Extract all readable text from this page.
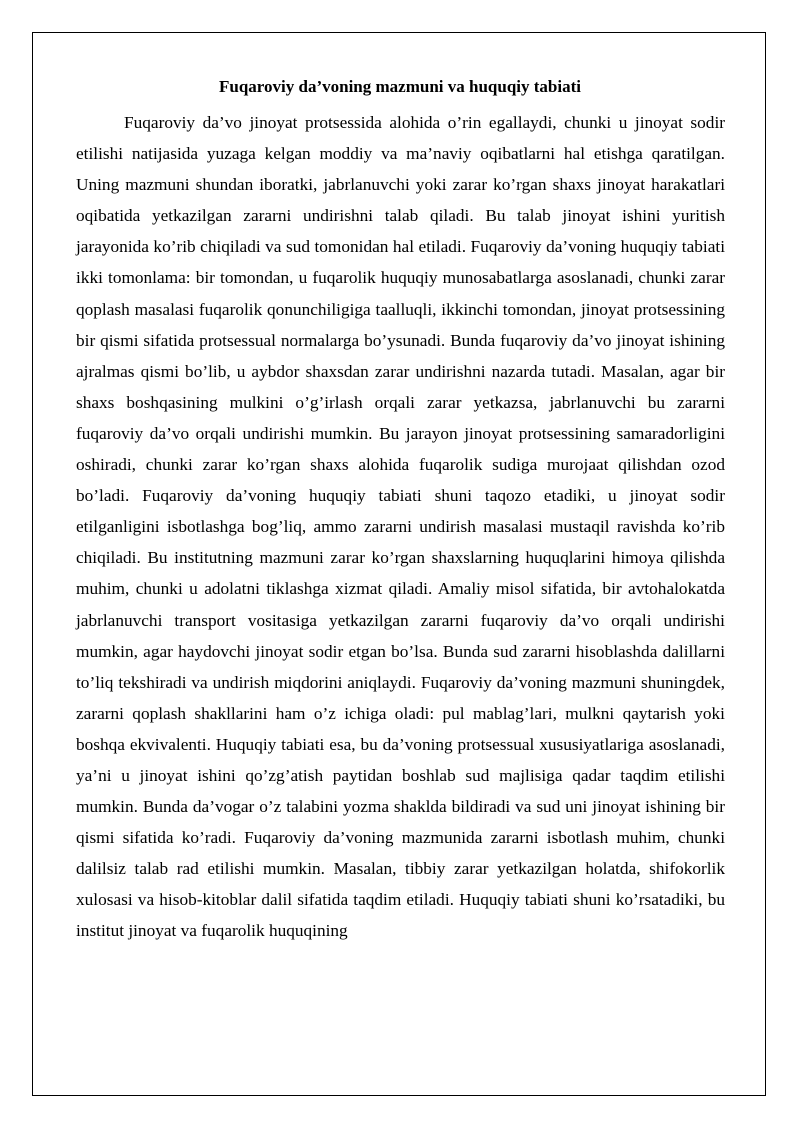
Fuqaroviy da’voning mazmuni va huquqiy tabiati

Fuqaroviy da’vo jinoyat protsessida alohida o’rin egallaydi, chunki u jinoyat sodir etilishi natijasida yuzaga kelgan moddiy va ma’naviy oqibatlarni hal etishga qaratilgan. Uning mazmuni shundan iboratki, jabrlanuvchi yoki zarar ko’rgan shaxs jinoyat harakatlari oqibatida yetkazilgan zararni undirishni talab qiladi. Bu talab jinoyat ishini yuritish jarayonida ko’rib chiqiladi va sud tomonidan hal etiladi. Fuqaroviy da’voning huquqiy tabiati ikki tomonlama: bir tomondan, u fuqarolik huquqiy munosabatlarga asoslanadi, chunki zarar qoplash masalasi fuqarolik qonunchiligiga taalluqli, ikkinchi tomondan, jinoyat protsessining bir qismi sifatida protsessual normalarga bo’ysunadi. Bunda fuqaroviy da’vo jinoyat ishining ajralmas qismi bo’lib, u aybdor shaxsdan zarar undirishni nazarda tutadi. Masalan, agar bir shaxs boshqasining mulkini o’g’irlash orqali zarar yetkazsa, jabrlanuvchi bu zararni fuqaroviy da’vo orqali undirishi mumkin. Bu jarayon jinoyat protsessining samaradorligini oshiradi, chunki zarar ko’rgan shaxs alohida fuqarolik sudiga murojaat qilishdan ozod bo’ladi. Fuqaroviy da’voning huquqiy tabiati shuni taqozo etadiki, u jinoyat sodir etilganligini isbotlashga bog’liq, ammo zararni undirish masalasi mustaqil ravishda ko’rib chiqiladi. Bu institutning mazmuni zarar ko’rgan shaxslarning huquqlarini himoya qilishda muhim, chunki u adolatni tiklashga xizmat qiladi. Amaliy misol sifatida, bir avtohalokatda jabrlanuvchi transport vositasiga yetkazilgan zararni fuqaroviy da’vo orqali undirishi mumkin, agar haydovchi jinoyat sodir etgan bo’lsa. Bunda sud zararni hisoblashda dalillarni to’liq tekshiradi va undirish miqdorini aniqlaydi. Fuqaroviy da’voning mazmuni shuningdek, zararni qoplash shakllarini ham o’z ichiga oladi: pul mablag’lari, mulkni qaytarish yoki boshqa ekvivalenti. Huquqiy tabiati esa, bu da’voning protsessual xususiyatlariga asoslanadi, ya’ni u jinoyat ishini qo’zg’atish paytidan boshlab sud majlisiga qadar taqdim etilishi mumkin. Bunda da’vogar o’z talabini yozma shaklda bildiradi va sud uni jinoyat ishining bir qismi sifatida ko’radi. Fuqaroviy da’voning mazmunida zararni isbotlash muhim, chunki dalilsiz talab rad etilishi mumkin. Masalan, tibbiy zarar yetkazilgan holatda, shifokorlik xulosasi va hisob-kitoblar dalil sifatida taqdim etiladi. Huquqiy tabiati shuni ko’rsatadiki, bu institut jinoyat va fuqarolik huquqining
